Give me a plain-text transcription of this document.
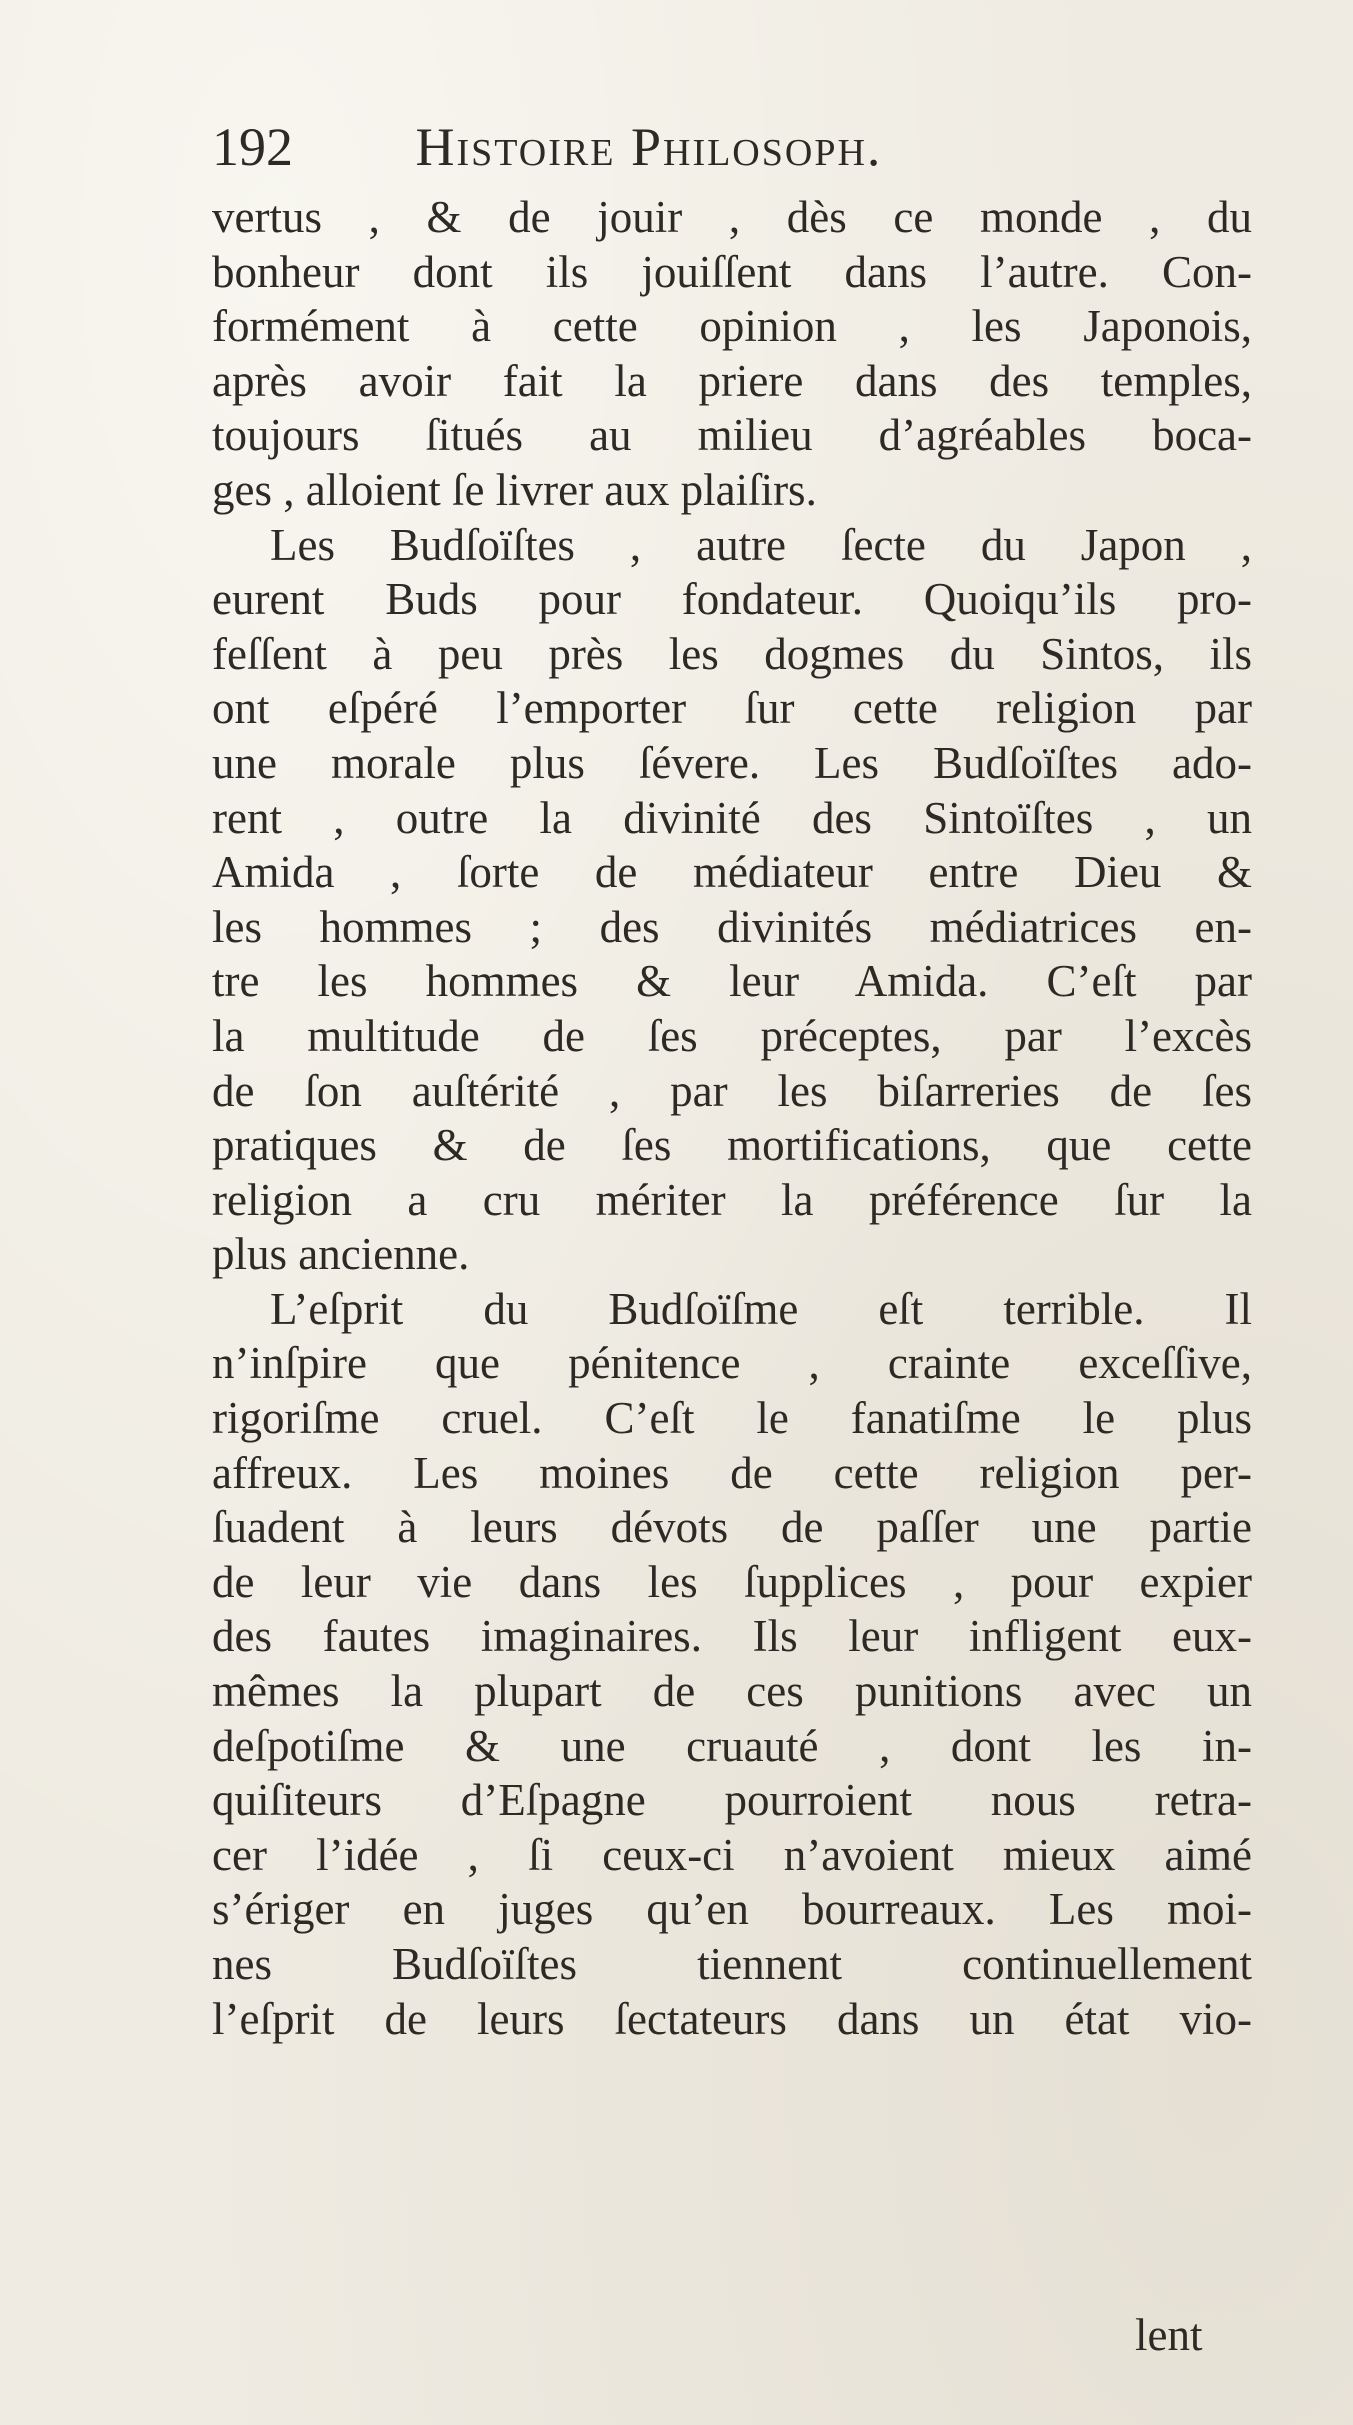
192 Histoire Philosoph.
vertus , & de jouir , dès ce monde , du
bonheur dont ils jouiſſent dans l’autre. Con-
formément à cette opinion , les Japonois,
après avoir fait la priere dans des temples,
toujours ſitués au milieu d’agréables boca-
ges , alloient ſe livrer aux plaiſirs.
Les Budſoïſtes , autre ſecte du Japon ,
eurent Buds pour fondateur. Quoiqu’ils pro-
feſſent à peu près les dogmes du Sintos, ils
ont eſpéré l’emporter ſur cette religion par
une morale plus ſévere. Les Budſoïſtes ado-
rent , outre la divinité des Sintoïſtes , un
Amida , ſorte de médiateur entre Dieu &
les hommes ; des divinités médiatrices en-
tre les hommes & leur Amida. C’eſt par
la multitude de ſes préceptes, par l’excès
de ſon auſtérité , par les biſarreries de ſes
pratiques & de ſes mortifications, que cette
religion a cru mériter la préférence ſur la
plus ancienne.
L’eſprit du Budſoïſme eſt terrible. Il
n’inſpire que pénitence , crainte exceſſive,
rigoriſme cruel. C’eſt le fanatiſme le plus
affreux. Les moines de cette religion per-
ſuadent à leurs dévots de paſſer une partie
de leur vie dans les ſupplices , pour expier
des fautes imaginaires. Ils leur infligent eux-
mêmes la plupart de ces punitions avec un
deſpotiſme & une cruauté , dont les in-
quiſiteurs d’Eſpagne pourroient nous retra-
cer l’idée , ſi ceux-ci n’avoient mieux aimé
s’ériger en juges qu’en bourreaux. Les moi-
nes Budſoïſtes tiennent continuellement
l’eſprit de leurs ſectateurs dans un état vio-
lent
